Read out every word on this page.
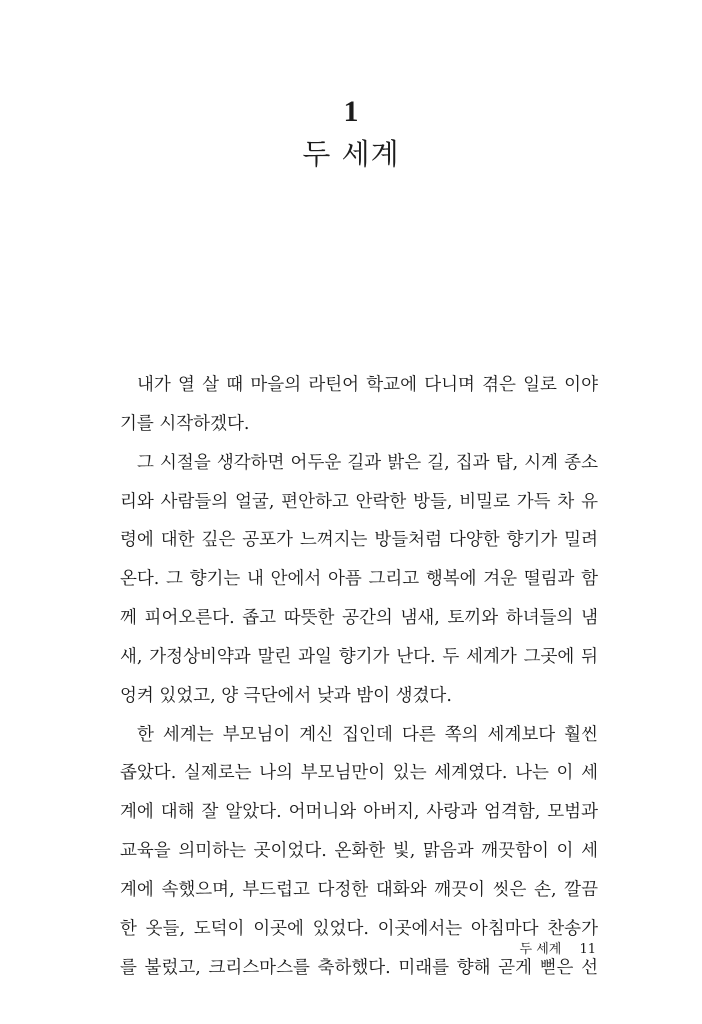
1
두 세계
내가 열 살 때 마을의 라틴어 학교에 다니며 겪은 일로 이야
기를 시작하겠다.
그 시절을 생각하면 어두운 길과 밝은 길, 집과 탑, 시계 종소
리와 사람들의 얼굴, 편안하고 안락한 방들, 비밀로 가득 차 유
령에 대한 깊은 공포가 느껴지는 방들처럼 다양한 향기가 밀려
온다. 그 향기는 내 안에서 아픔 그리고 행복에 겨운 떨림과 함
께 피어오른다. 좁고 따뜻한 공간의 냄새, 토끼와 하녀들의 냄
새, 가정상비약과 말린 과일 향기가 난다. 두 세계가 그곳에 뒤
엉켜 있었고, 양 극단에서 낮과 밤이 생겼다.
한 세계는 부모님이 계신 집인데 다른 쪽의 세계보다 훨씬
좁았다. 실제로는 나의 부모님만이 있는 세계였다. 나는 이 세
계에 대해 잘 알았다. 어머니와 아버지, 사랑과 엄격함, 모범과
교육을 의미하는 곳이었다. 온화한 빛, 맑음과 깨끗함이 이 세
계에 속했으며, 부드럽고 다정한 대화와 깨끗이 씻은 손, 깔끔
한 옷들, 도덕이 이곳에 있었다. 이곳에서는 아침마다 찬송가
를 불렀고, 크리스마스를 축하했다. 미래를 향해 곧게 뻗은 선
두 세계 11
